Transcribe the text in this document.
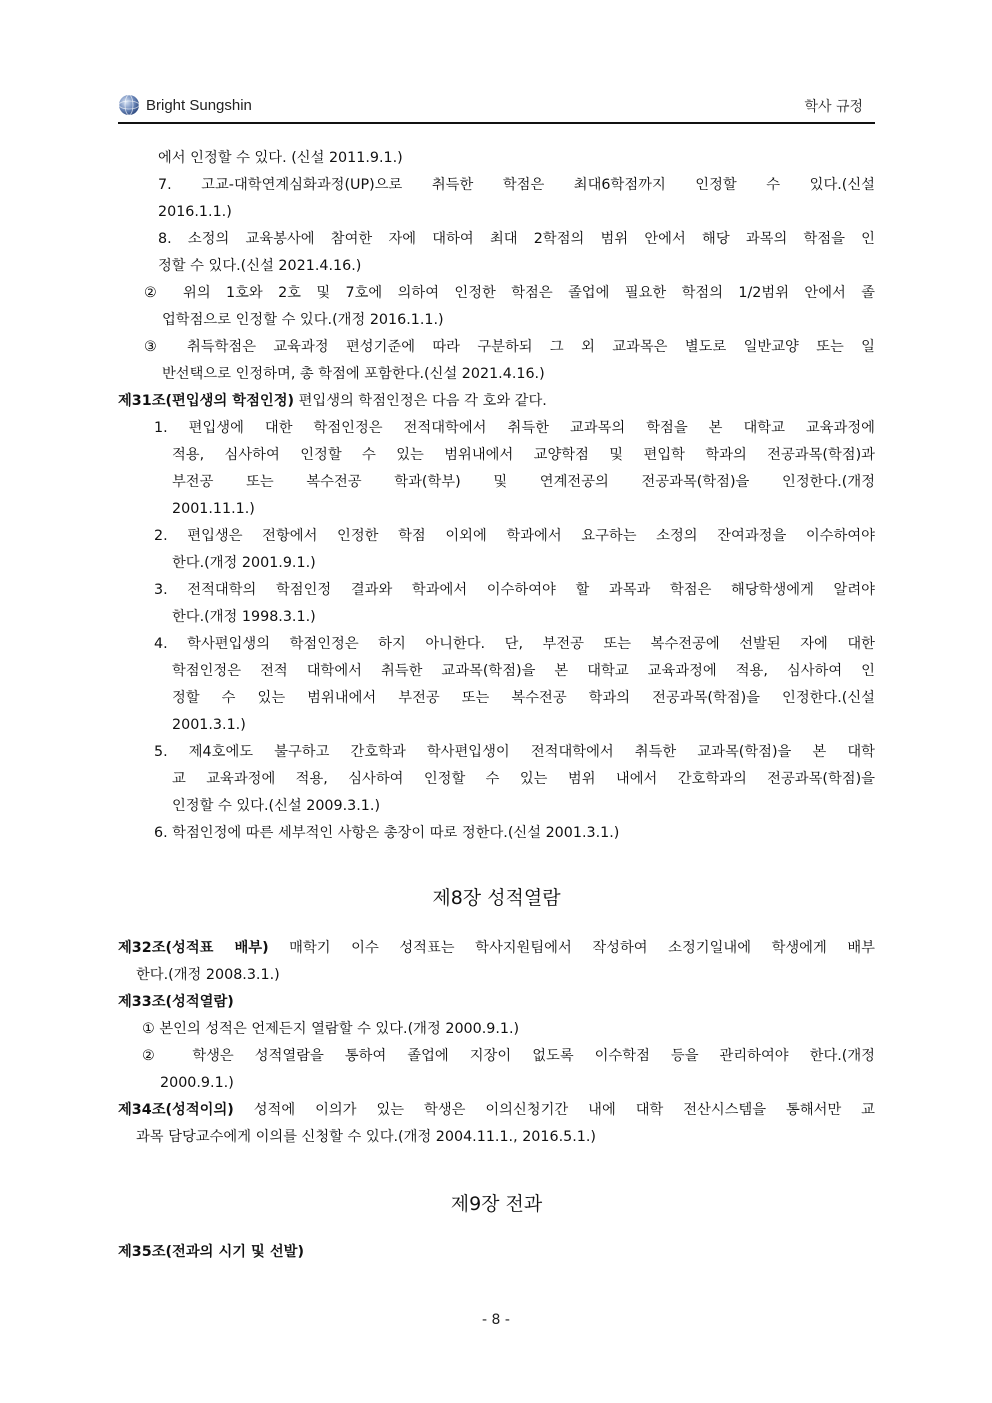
Bright Sungshin	학사 규정
에서 인정할 수 있다. (신설 2011.9.1.)
7. 고교-대학연계심화과정(UP)으로 취득한 학점은 최대6학점까지 인정할 수 있다.(신설
2016.1.1.)
8. 소정의 교육봉사에 참여한 자에 대하여 최대 2학점의 범위 안에서 해당 과목의 학점을 인
정할 수 있다.(신설 2021.4.16.)
② 위의 1호와 2호 및 7호에 의하여 인정한 학점은 졸업에 필요한 학점의 1/2범위 안에서 졸
업학점으로 인정할 수 있다.(개정 2016.1.1.)
③ 취득학점은 교육과정 편성기준에 따라 구분하되 그 외 교과목은 별도로 일반교양 또는 일
반선택으로 인정하며, 총 학점에 포함한다.(신설 2021.4.16.)
제31조(편입생의 학점인정) 편입생의 학점인정은 다음 각 호와 같다.
1. 편입생에 대한 학점인정은 전적대학에서 취득한 교과목의 학점을 본 대학교 교육과정에
적용, 심사하여 인정할 수 있는 범위내에서 교양학점 및 편입학 학과의 전공과목(학점)과
부전공 또는 복수전공 학과(학부) 및 연계전공의 전공과목(학점)을 인정한다.(개정
2001.11.1.)
2. 편입생은 전항에서 인정한 학점 이외에 학과에서 요구하는 소정의 잔여과정을 이수하여야
한다.(개정 2001.9.1.)
3. 전적대학의 학점인정 결과와 학과에서 이수하여야 할 과목과 학점은 해당학생에게 알려야
한다.(개정 1998.3.1.)
4. 학사편입생의 학점인정은 하지 아니한다. 단, 부전공 또는 복수전공에 선발된 자에 대한
학점인정은 전적 대학에서 취득한 교과목(학점)을 본 대학교 교육과정에 적용, 심사하여 인
정할 수 있는 범위내에서 부전공 또는 복수전공 학과의 전공과목(학점)을 인정한다.(신설
2001.3.1.)
5. 제4호에도 불구하고 간호학과 학사편입생이 전적대학에서 취득한 교과목(학점)을 본 대학
교 교육과정에 적용, 심사하여 인정할 수 있는 범위 내에서 간호학과의 전공과목(학점)을
인정할 수 있다.(신설 2009.3.1.)
6. 학점인정에 따른 세부적인 사항은 총장이 따로 정한다.(신설 2001.3.1.)
제8장 성적열람
제32조(성적표 배부) 매학기 이수 성적표는 학사지원팀에서 작성하여 소정기일내에 학생에게 배부
한다.(개정 2008.3.1.)
제33조(성적열람)
① 본인의 성적은 언제든지 열람할 수 있다.(개정 2000.9.1.)
② 학생은 성적열람을 통하여 졸업에 지장이 없도록 이수학점 등을 관리하여야 한다.(개정
2000.9.1.)
제34조(성적이의) 성적에 이의가 있는 학생은 이의신청기간 내에 대학 전산시스템을 통해서만 교
과목 담당교수에게 이의를 신청할 수 있다.(개정 2004.11.1., 2016.5.1.)
제9장 전과
제35조(전과의 시기 및 선발)
- 8 -
